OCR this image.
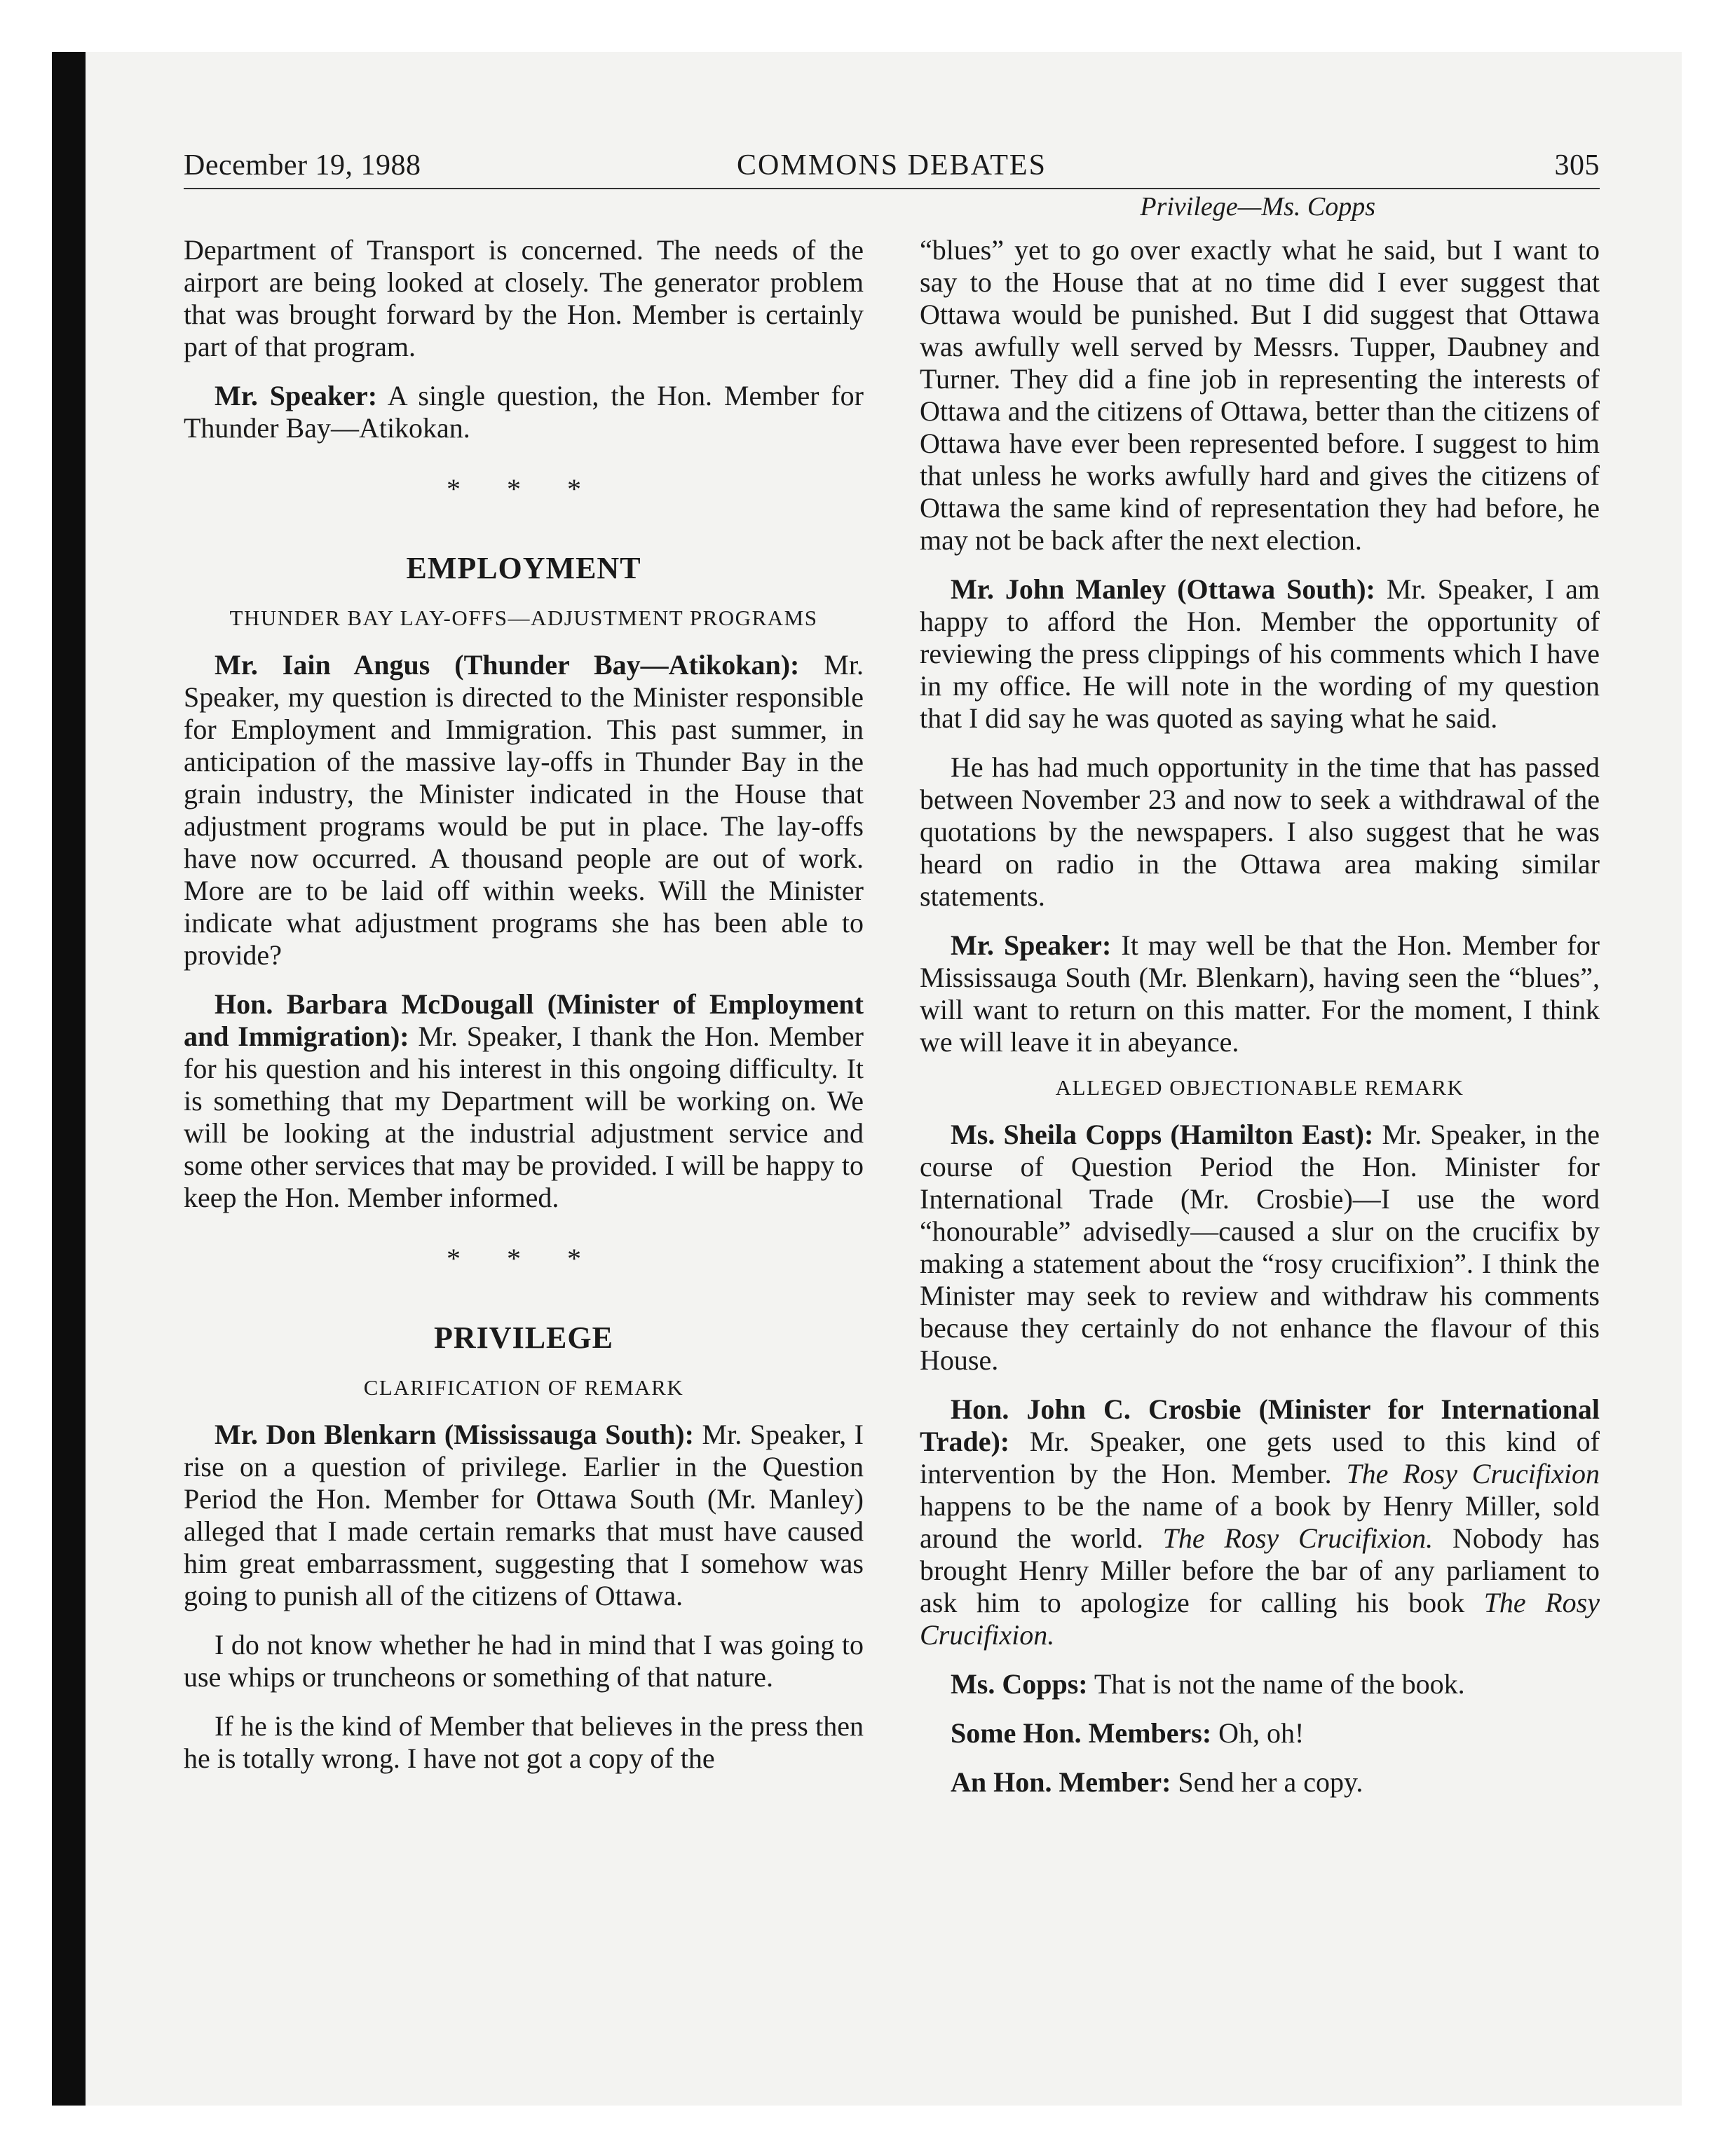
December 19, 1988	COMMONS DEBATES	305
Privilege—Ms. Copps

Department of Transport is concerned. The needs of the airport are being looked at closely. The generator problem that was brought forward by the Hon. Member is certainly part of that program.

Mr. Speaker: A single question, the Hon. Member for Thunder Bay—Atikokan.

* * *
EMPLOYMENT
THUNDER BAY LAY-OFFS—ADJUSTMENT PROGRAMS

Mr. Iain Angus (Thunder Bay—Atikokan): Mr. Speaker, my question is directed to the Minister responsible for Employment and Immigration. This past summer, in anticipation of the massive lay-offs in Thunder Bay in the grain industry, the Minister indicated in the House that adjustment programs would be put in place. The lay-offs have now occurred. A thousand people are out of work. More are to be laid off within weeks. Will the Minister indicate what adjustment programs she has been able to provide?

Hon. Barbara McDougall (Minister of Employment and Immigration): Mr. Speaker, I thank the Hon. Member for his question and his interest in this ongoing difficulty. It is something that my Department will be working on. We will be looking at the industrial adjustment service and some other services that may be provided. I will be happy to keep the Hon. Member informed.

* * *
PRIVILEGE
CLARIFICATION OF REMARK

Mr. Don Blenkarn (Mississauga South): Mr. Speaker, I rise on a question of privilege. Earlier in the Question Period the Hon. Member for Ottawa South (Mr. Manley) alleged that I made certain remarks that must have caused him great embarrassment, suggesting that I somehow was going to punish all of the citizens of Ottawa.

I do not know whether he had in mind that I was going to use whips or truncheons or something of that nature.

If he is the kind of Member that believes in the press then he is totally wrong. I have not got a copy of the

“blues” yet to go over exactly what he said, but I want to say to the House that at no time did I ever suggest that Ottawa would be punished. But I did suggest that Ottawa was awfully well served by Messrs. Tupper, Daubney and Turner. They did a fine job in representing the interests of Ottawa and the citizens of Ottawa, better than the citizens of Ottawa have ever been represented before. I suggest to him that unless he works awfully hard and gives the citizens of Ottawa the same kind of representation they had before, he may not be back after the next election.

Mr. John Manley (Ottawa South): Mr. Speaker, I am happy to afford the Hon. Member the opportunity of reviewing the press clippings of his comments which I have in my office. He will note in the wording of my question that I did say he was quoted as saying what he said.

He has had much opportunity in the time that has passed between November 23 and now to seek a withdrawal of the quotations by the newspapers. I also suggest that he was heard on radio in the Ottawa area making similar statements.

Mr. Speaker: It may well be that the Hon. Member for Mississauga South (Mr. Blenkarn), having seen the “blues”, will want to return on this matter. For the moment, I think we will leave it in abeyance.

ALLEGED OBJECTIONABLE REMARK

Ms. Sheila Copps (Hamilton East): Mr. Speaker, in the course of Question Period the Hon. Minister for International Trade (Mr. Crosbie)—I use the word “honourable” advisedly—caused a slur on the crucifix by making a statement about the “rosy crucifixion”. I think the Minister may seek to review and withdraw his comments because they certainly do not enhance the flavour of this House.

Hon. John C. Crosbie (Minister for International Trade): Mr. Speaker, one gets used to this kind of intervention by the Hon. Member. The Rosy Crucifixion happens to be the name of a book by Henry Miller, sold around the world. The Rosy Crucifixion. Nobody has brought Henry Miller before the bar of any parliament to ask him to apologize for calling his book The Rosy Crucifixion.

Ms. Copps: That is not the name of the book.

Some Hon. Members: Oh, oh!

An Hon. Member: Send her a copy.
